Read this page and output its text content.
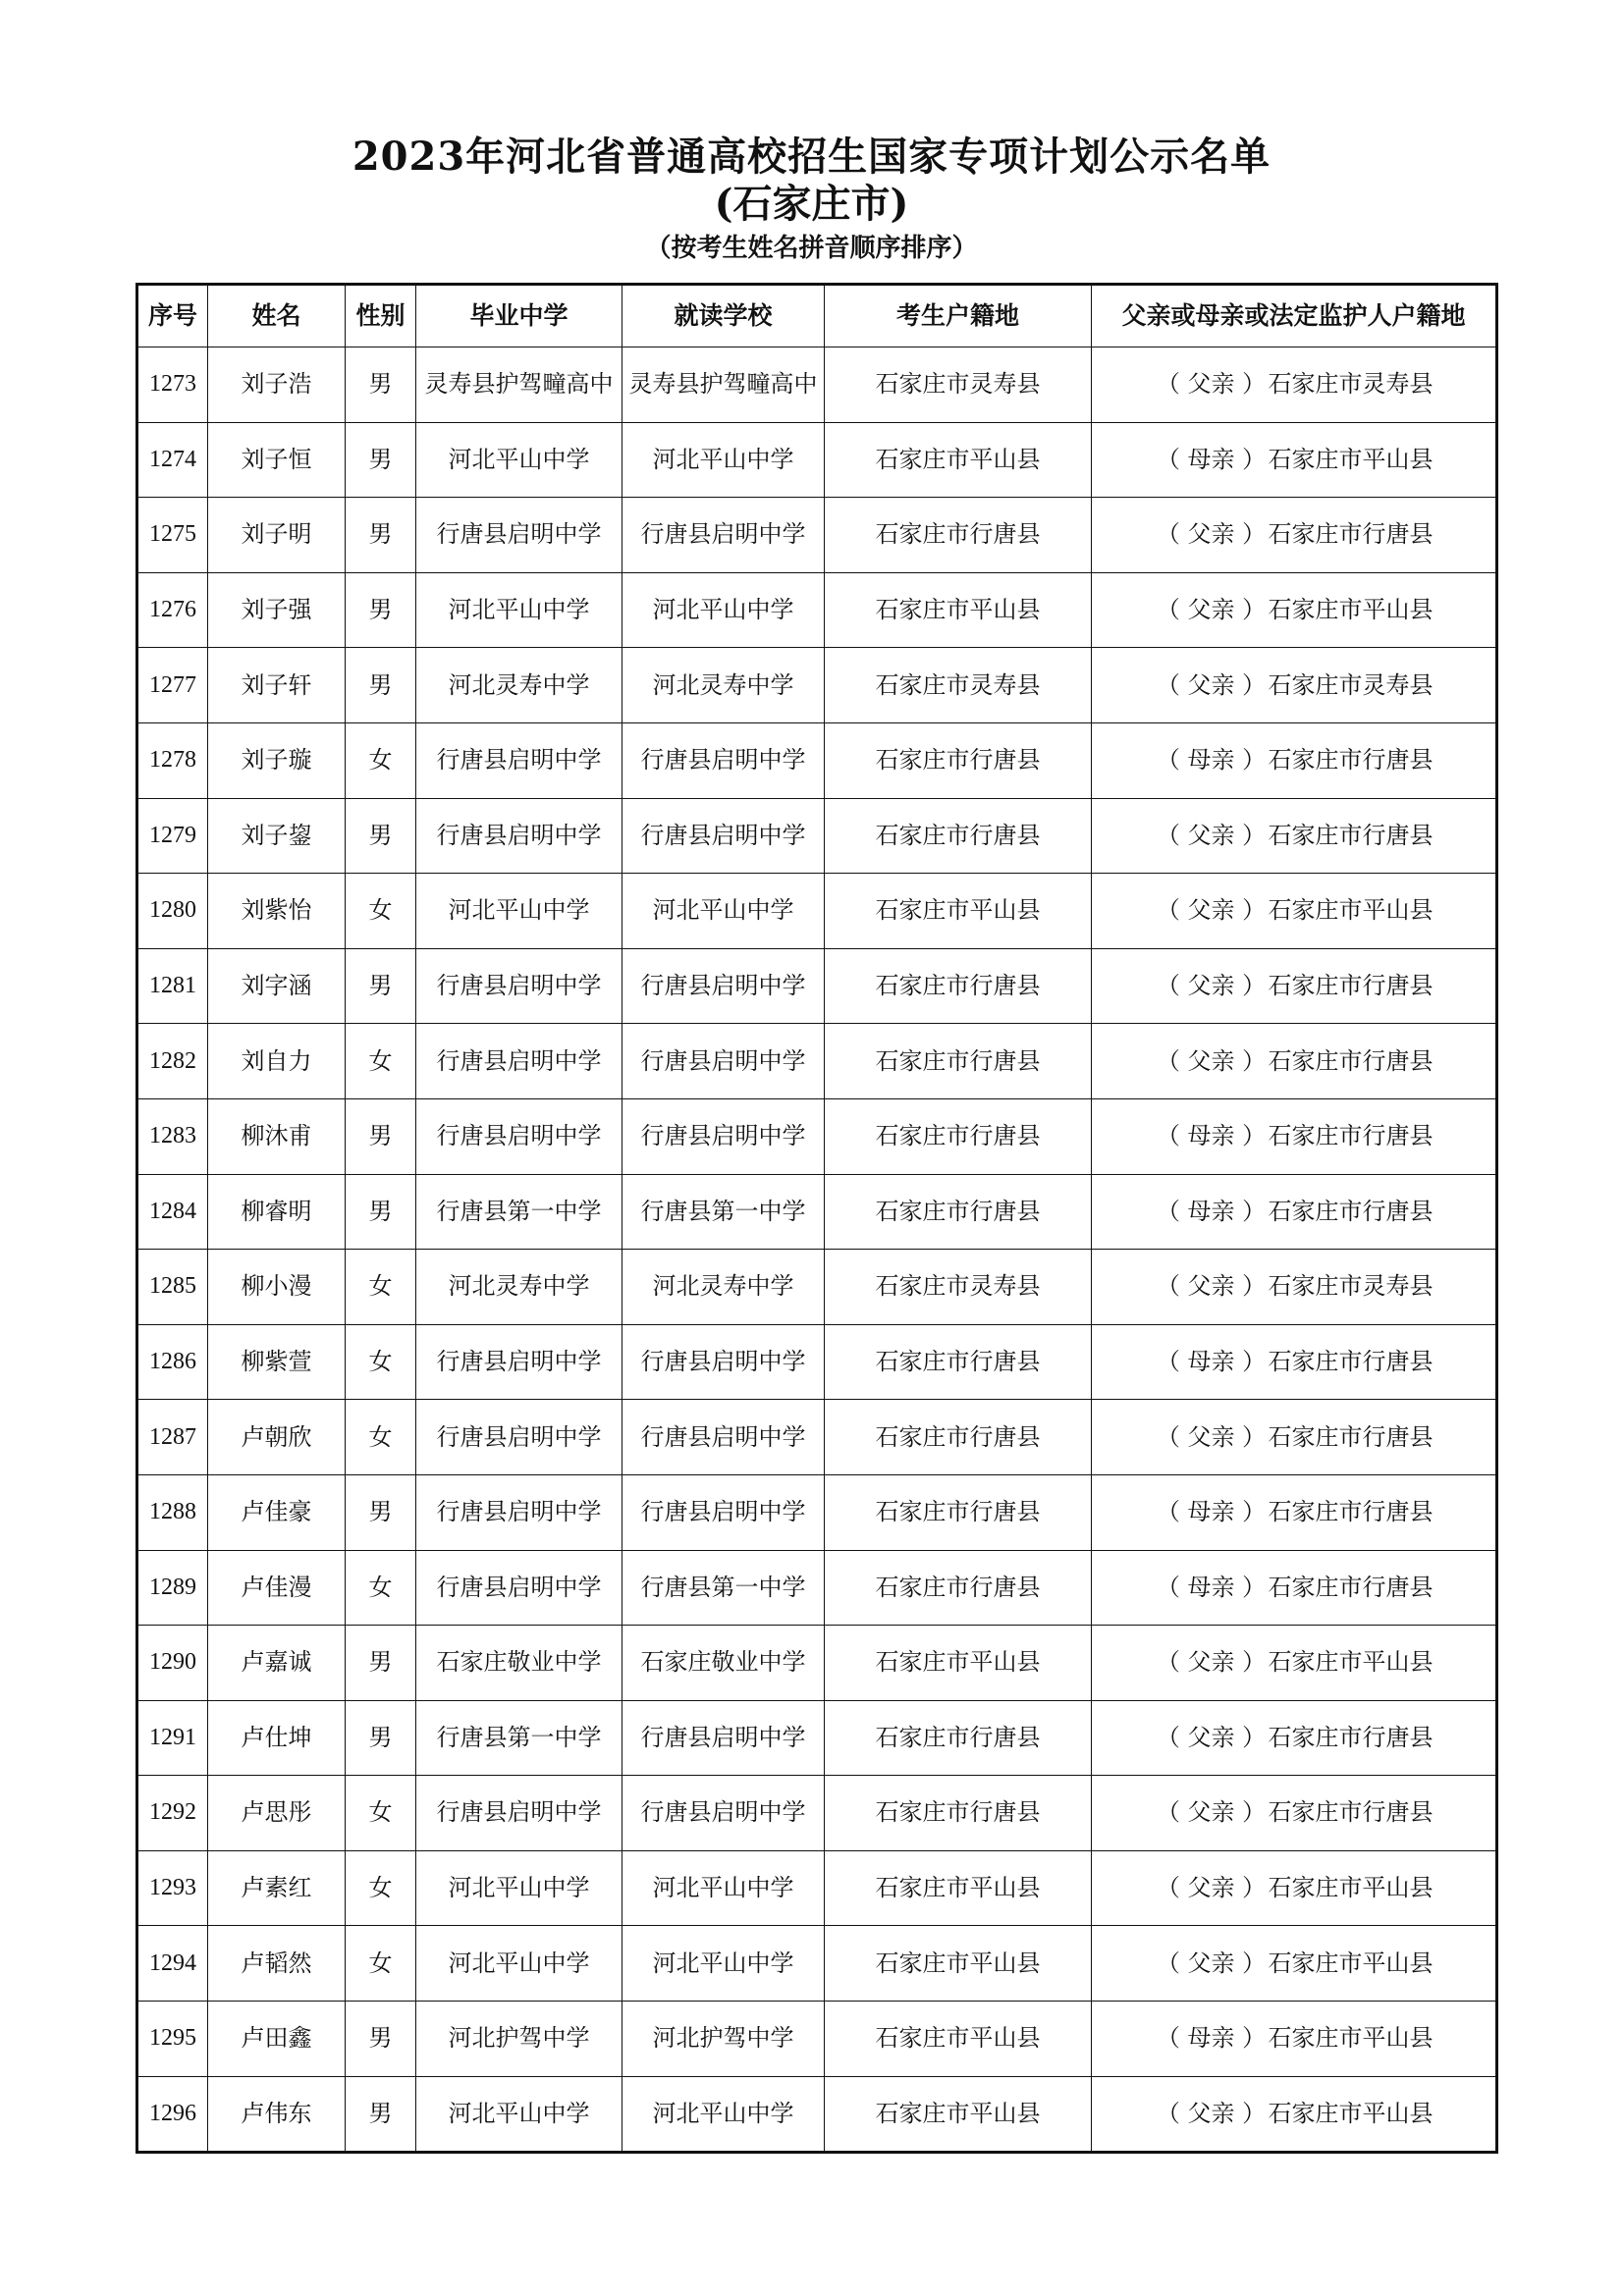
2023年河北省普通高校招生国家专项计划公示名单
(石家庄市)
（按考生姓名拼音顺序排序）
序号	姓名	性别	毕业中学	就读学校	考生户籍地	父亲或母亲或法定监护人户籍地
1273	刘子浩	男	灵寿县护驾疃高中	灵寿县护驾疃高中	石家庄市灵寿县	（ 父亲 ）石家庄市灵寿县
1274	刘子恒	男	河北平山中学	河北平山中学	石家庄市平山县	（ 母亲 ）石家庄市平山县
1275	刘子明	男	行唐县启明中学	行唐县启明中学	石家庄市行唐县	（ 父亲 ）石家庄市行唐县
1276	刘子强	男	河北平山中学	河北平山中学	石家庄市平山县	（ 父亲 ）石家庄市平山县
1277	刘子轩	男	河北灵寿中学	河北灵寿中学	石家庄市灵寿县	（ 父亲 ）石家庄市灵寿县
1278	刘子璇	女	行唐县启明中学	行唐县启明中学	石家庄市行唐县	（ 母亲 ）石家庄市行唐县
1279	刘子鋆	男	行唐县启明中学	行唐县启明中学	石家庄市行唐县	（ 父亲 ）石家庄市行唐县
1280	刘紫怡	女	河北平山中学	河北平山中学	石家庄市平山县	（ 父亲 ）石家庄市平山县
1281	刘字涵	男	行唐县启明中学	行唐县启明中学	石家庄市行唐县	（ 父亲 ）石家庄市行唐县
1282	刘自力	女	行唐县启明中学	行唐县启明中学	石家庄市行唐县	（ 父亲 ）石家庄市行唐县
1283	柳沐甫	男	行唐县启明中学	行唐县启明中学	石家庄市行唐县	（ 母亲 ）石家庄市行唐县
1284	柳睿明	男	行唐县第一中学	行唐县第一中学	石家庄市行唐县	（ 母亲 ）石家庄市行唐县
1285	柳小漫	女	河北灵寿中学	河北灵寿中学	石家庄市灵寿县	（ 父亲 ）石家庄市灵寿县
1286	柳紫萱	女	行唐县启明中学	行唐县启明中学	石家庄市行唐县	（ 母亲 ）石家庄市行唐县
1287	卢朝欣	女	行唐县启明中学	行唐县启明中学	石家庄市行唐县	（ 父亲 ）石家庄市行唐县
1288	卢佳豪	男	行唐县启明中学	行唐县启明中学	石家庄市行唐县	（ 母亲 ）石家庄市行唐县
1289	卢佳漫	女	行唐县启明中学	行唐县第一中学	石家庄市行唐县	（ 母亲 ）石家庄市行唐县
1290	卢嘉诚	男	石家庄敬业中学	石家庄敬业中学	石家庄市平山县	（ 父亲 ）石家庄市平山县
1291	卢仕坤	男	行唐县第一中学	行唐县启明中学	石家庄市行唐县	（ 父亲 ）石家庄市行唐县
1292	卢思彤	女	行唐县启明中学	行唐县启明中学	石家庄市行唐县	（ 父亲 ）石家庄市行唐县
1293	卢素红	女	河北平山中学	河北平山中学	石家庄市平山县	（ 父亲 ）石家庄市平山县
1294	卢韬然	女	河北平山中学	河北平山中学	石家庄市平山县	（ 父亲 ）石家庄市平山县
1295	卢田鑫	男	河北护驾中学	河北护驾中学	石家庄市平山县	（ 母亲 ）石家庄市平山县
1296	卢伟东	男	河北平山中学	河北平山中学	石家庄市平山县	（ 父亲 ）石家庄市平山县
